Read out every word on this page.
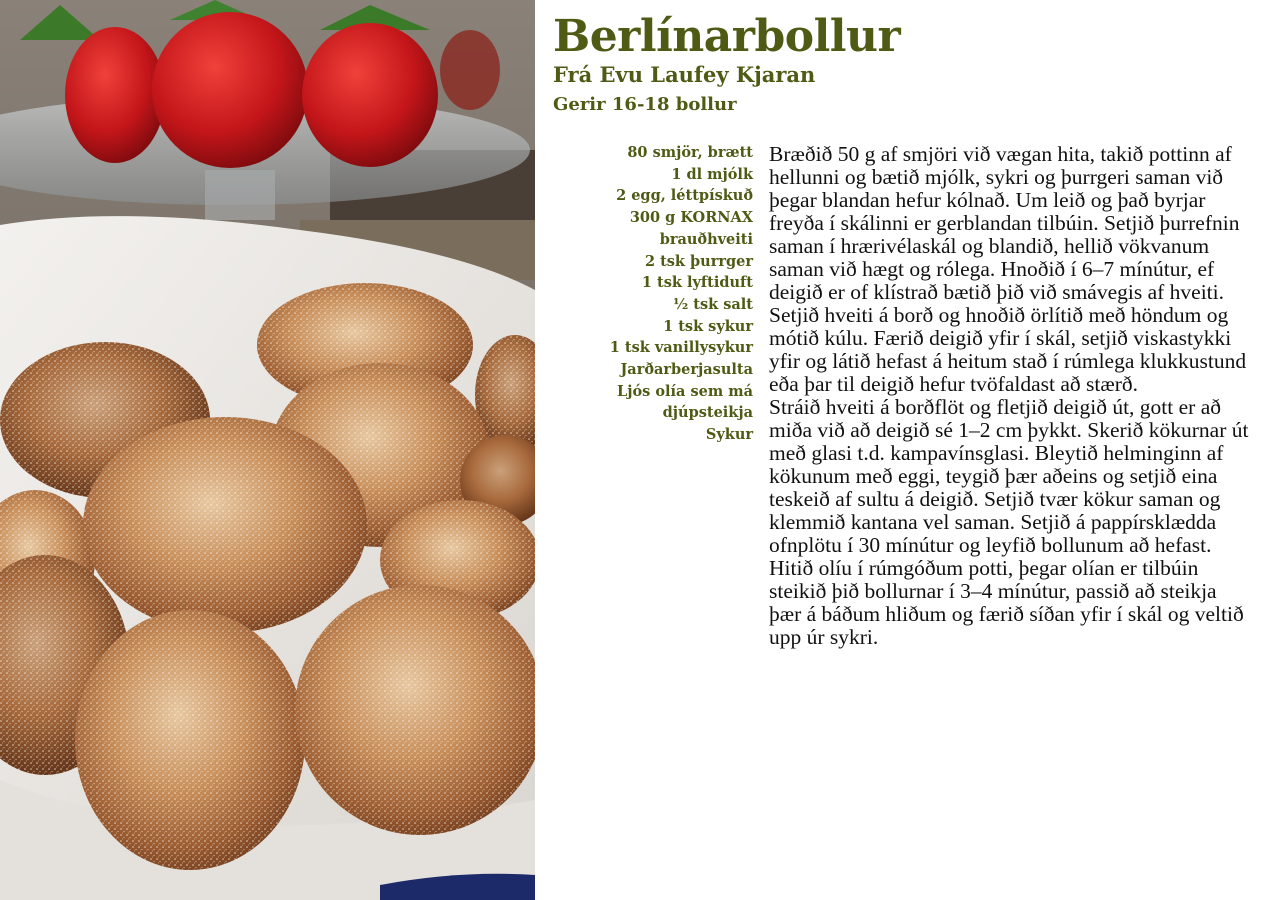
Berlínarbollur
Frá Evu Laufey Kjaran
Gerir 16-18 bollur
80 smjör, brætt
1 dl mjólk
2 egg, léttpískuð
300 g KORNAX brauðhveiti
2 tsk þurrger
1 tsk lyftiduft
½ tsk salt
1 tsk sykur
1 tsk vanillysykur
Jarðarberjasulta
Ljós olía sem má djúpsteikja
Sykur

Bræðið 50 g af smjöri við vægan hita, takið pottinn af hellunni og bætið mjólk, sykri og þurrgeri saman við þegar blandan hefur kólnað. Um leið og það byrjar freyða í skálinni er gerblandan tilbúin. Setjið þurrefnin saman í hrærivélaskál og blandið, hellið vökvanum saman við hægt og rólega. Hnoðið í 6–7 mínútur, ef deigið er of klístrað bætið þið við smávegis af hveiti. Setjið hveiti á borð og hnoðið örlítið með höndum og mótið kúlu. Færið deigið yfir í skál, setjið viskastykki yfir og látið hefast á heitum stað í rúmlega klukkustund eða þar til deigið hefur tvöfaldast að stærð.

Stráið hveiti á borðflöt og fletjið deigið út, gott er að miða við að deigið sé 1–2 cm þykkt. Skerið kökurnar út með glasi t.d. kampavínsglasi. Bleytið helminginn af kökunum með eggi, teygið þær aðeins og setjið eina teskeið af sultu á deigið. Setjið tvær kökur saman og klemmið kantana vel saman. Setjið á pappírsklædda ofnplötu í 30 mínútur og leyfið bollunum að hefast. Hitið olíu í rúmgóðum potti, þegar olían er tilbúin steikið þið bollurnar í 3–4 mínútur, passið að steikja þær á báðum hliðum og færið síðan yfir í skál og veltið upp úr sykri.
